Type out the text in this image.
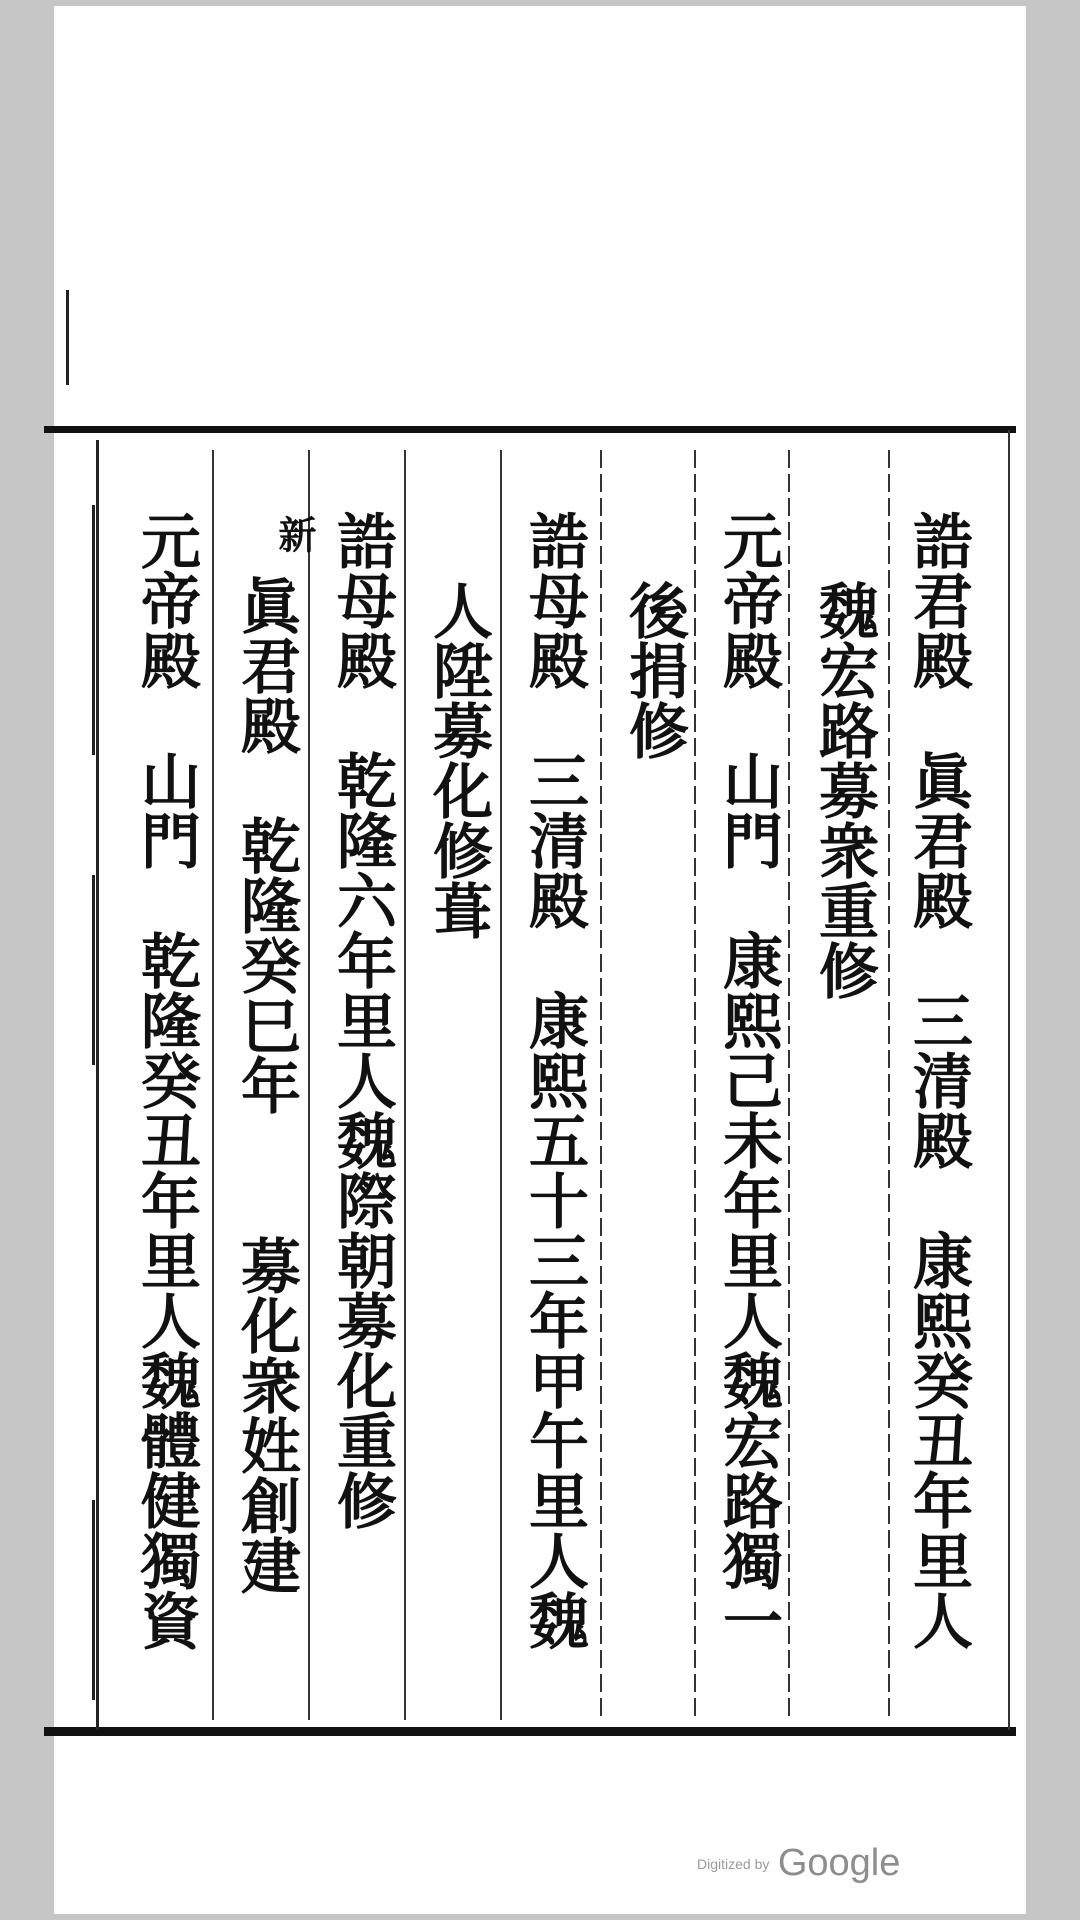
誥君殿　眞君殿　三清殿　康熙癸丑年里人
魏宏路募衆重修
元帝殿　山門　康熙己未年里人魏宏路獨一
後捐修
誥母殿　三清殿　康熙五十三年甲午里人魏
人陞募化修葺
誥母殿　乾隆六年里人魏際朝募化重修
新
眞君殿　乾隆癸巳年　　募化衆姓創建
元帝殿　山門　乾隆癸丑年里人魏體健獨資
Digitized by Google
